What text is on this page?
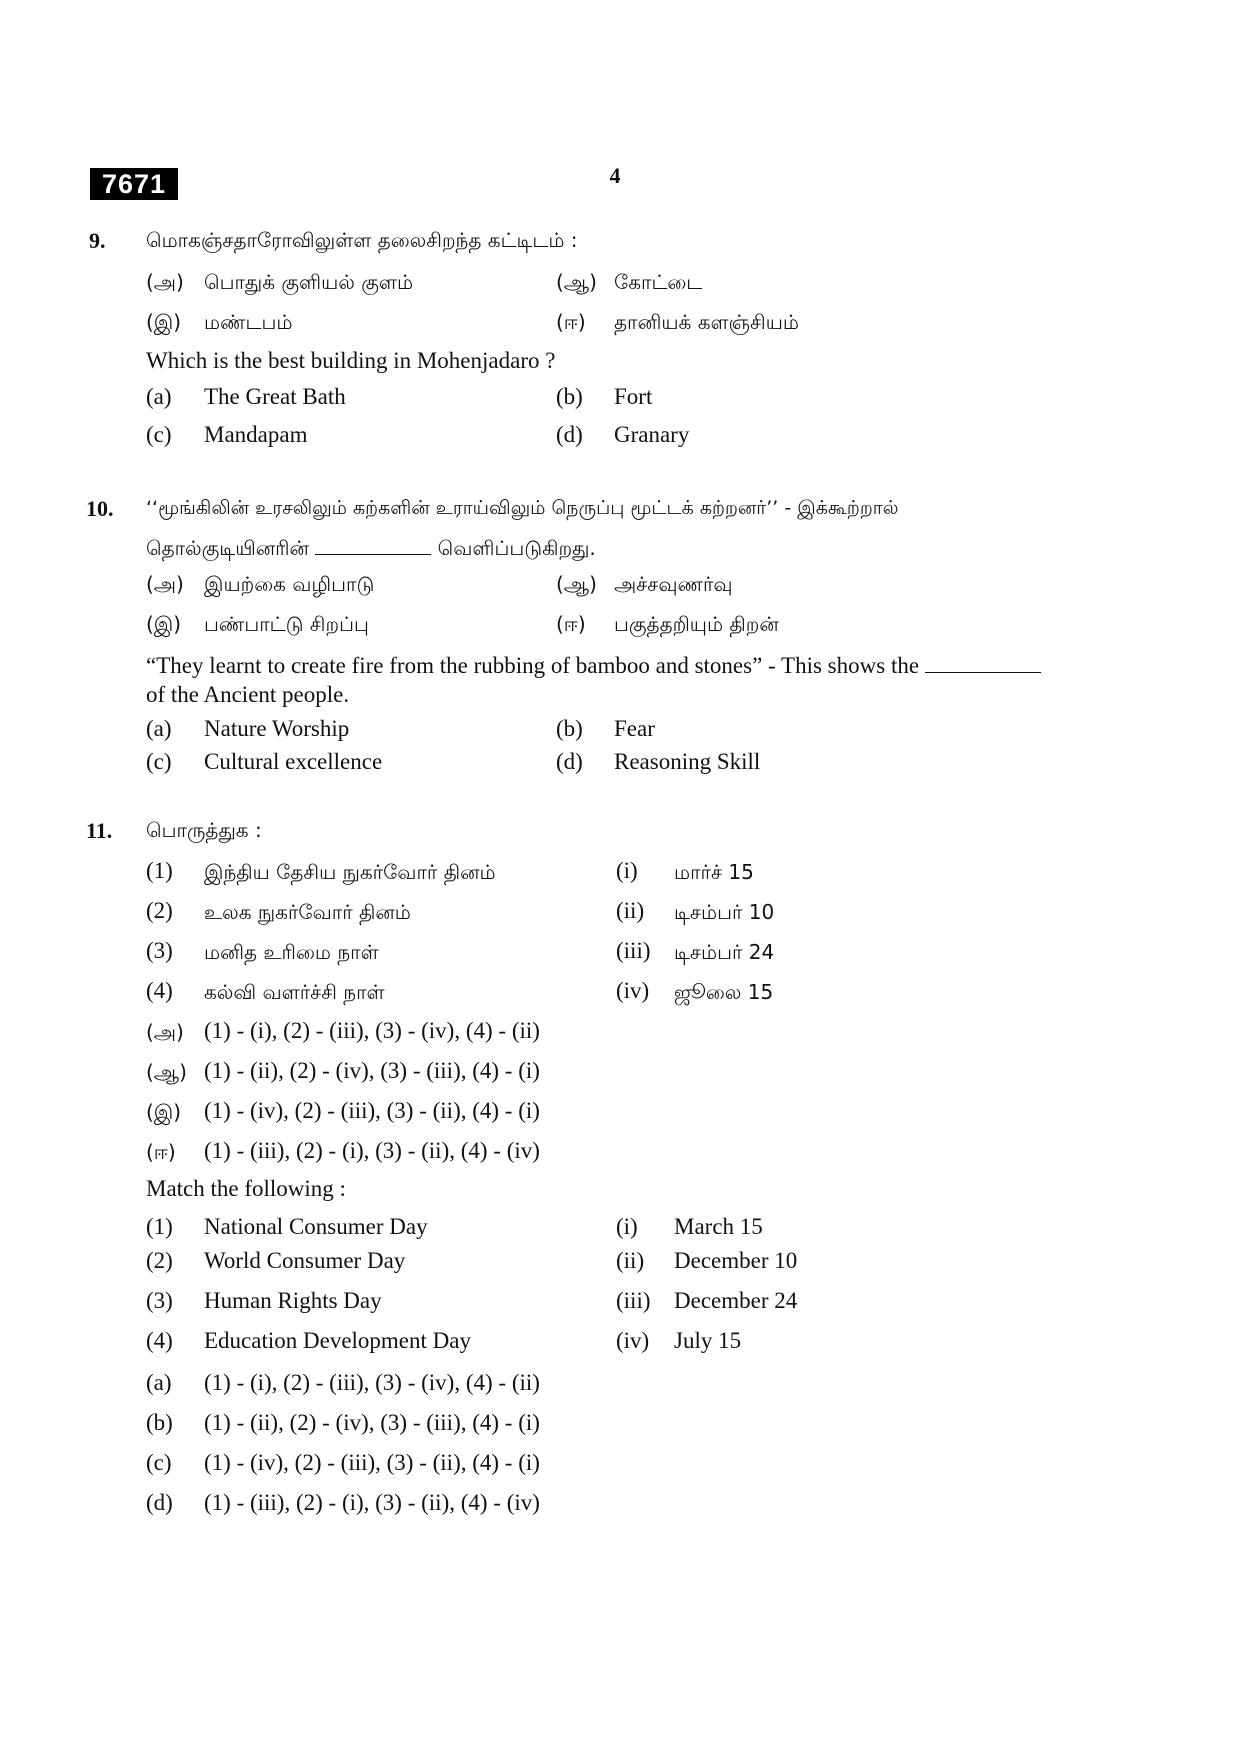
7671	4
9. மொகஞ்சதாரோவிலுள்ள தலைசிறந்த கட்டிடம் :
(அ) பொதுக் குளியல் குளம்	(ஆ) கோட்டை
(இ) மண்டபம்	(ஈ) தானியக் களஞ்சியம்
Which is the best building in Mohenjadaro ?
(a) The Great Bath	(b) Fort
(c) Mandapam	(d) Granary
10. ‘‘மூங்கிலின் உரசலிலும் கற்களின் உராய்விலும் நெருப்பு மூட்டக் கற்றனர்’’ - இக்கூற்றால்
தொல்குடியினரின்	வெளிப்படுகிறது.
(அ) இயற்கை வழிபாடு	(ஆ) அச்சவுணர்வு
(இ) பண்பாட்டு சிறப்பு	(ஈ) பகுத்தறியும் திறன்
“They learnt to create fire from the rubbing of bamboo and stones” - This shows the
of the Ancient people.
(a) Nature Worship	(b) Fear
(c) Cultural excellence	(d) Reasoning Skill
11. பொருத்துக :
(1) இந்திய தேசிய நுகர்வோர் தினம்	(i) மார்ச் 15
(2) உலக நுகர்வோர் தினம்	(ii) டிசம்பர் 10
(3) மனித உரிமை நாள்	(iii) டிசம்பர் 24
(4) கல்வி வளர்ச்சி நாள்	(iv) ஜூலை 15
(அ) (1) - (i), (2) - (iii), (3) - (iv), (4) - (ii)
(ஆ) (1) - (ii), (2) - (iv), (3) - (iii), (4) - (i)
(இ) (1) - (iv), (2) - (iii), (3) - (ii), (4) - (i)
(ஈ) (1) - (iii), (2) - (i), (3) - (ii), (4) - (iv)
Match the following :
(1) National Consumer Day	(i) March 15
(2) World Consumer Day	(ii) December 10
(3) Human Rights Day	(iii) December 24
(4) Education Development Day	(iv) July 15
(a) (1) - (i), (2) - (iii), (3) - (iv), (4) - (ii)
(b) (1) - (ii), (2) - (iv), (3) - (iii), (4) - (i)
(c) (1) - (iv), (2) - (iii), (3) - (ii), (4) - (i)
(d) (1) - (iii), (2) - (i), (3) - (ii), (4) - (iv)
